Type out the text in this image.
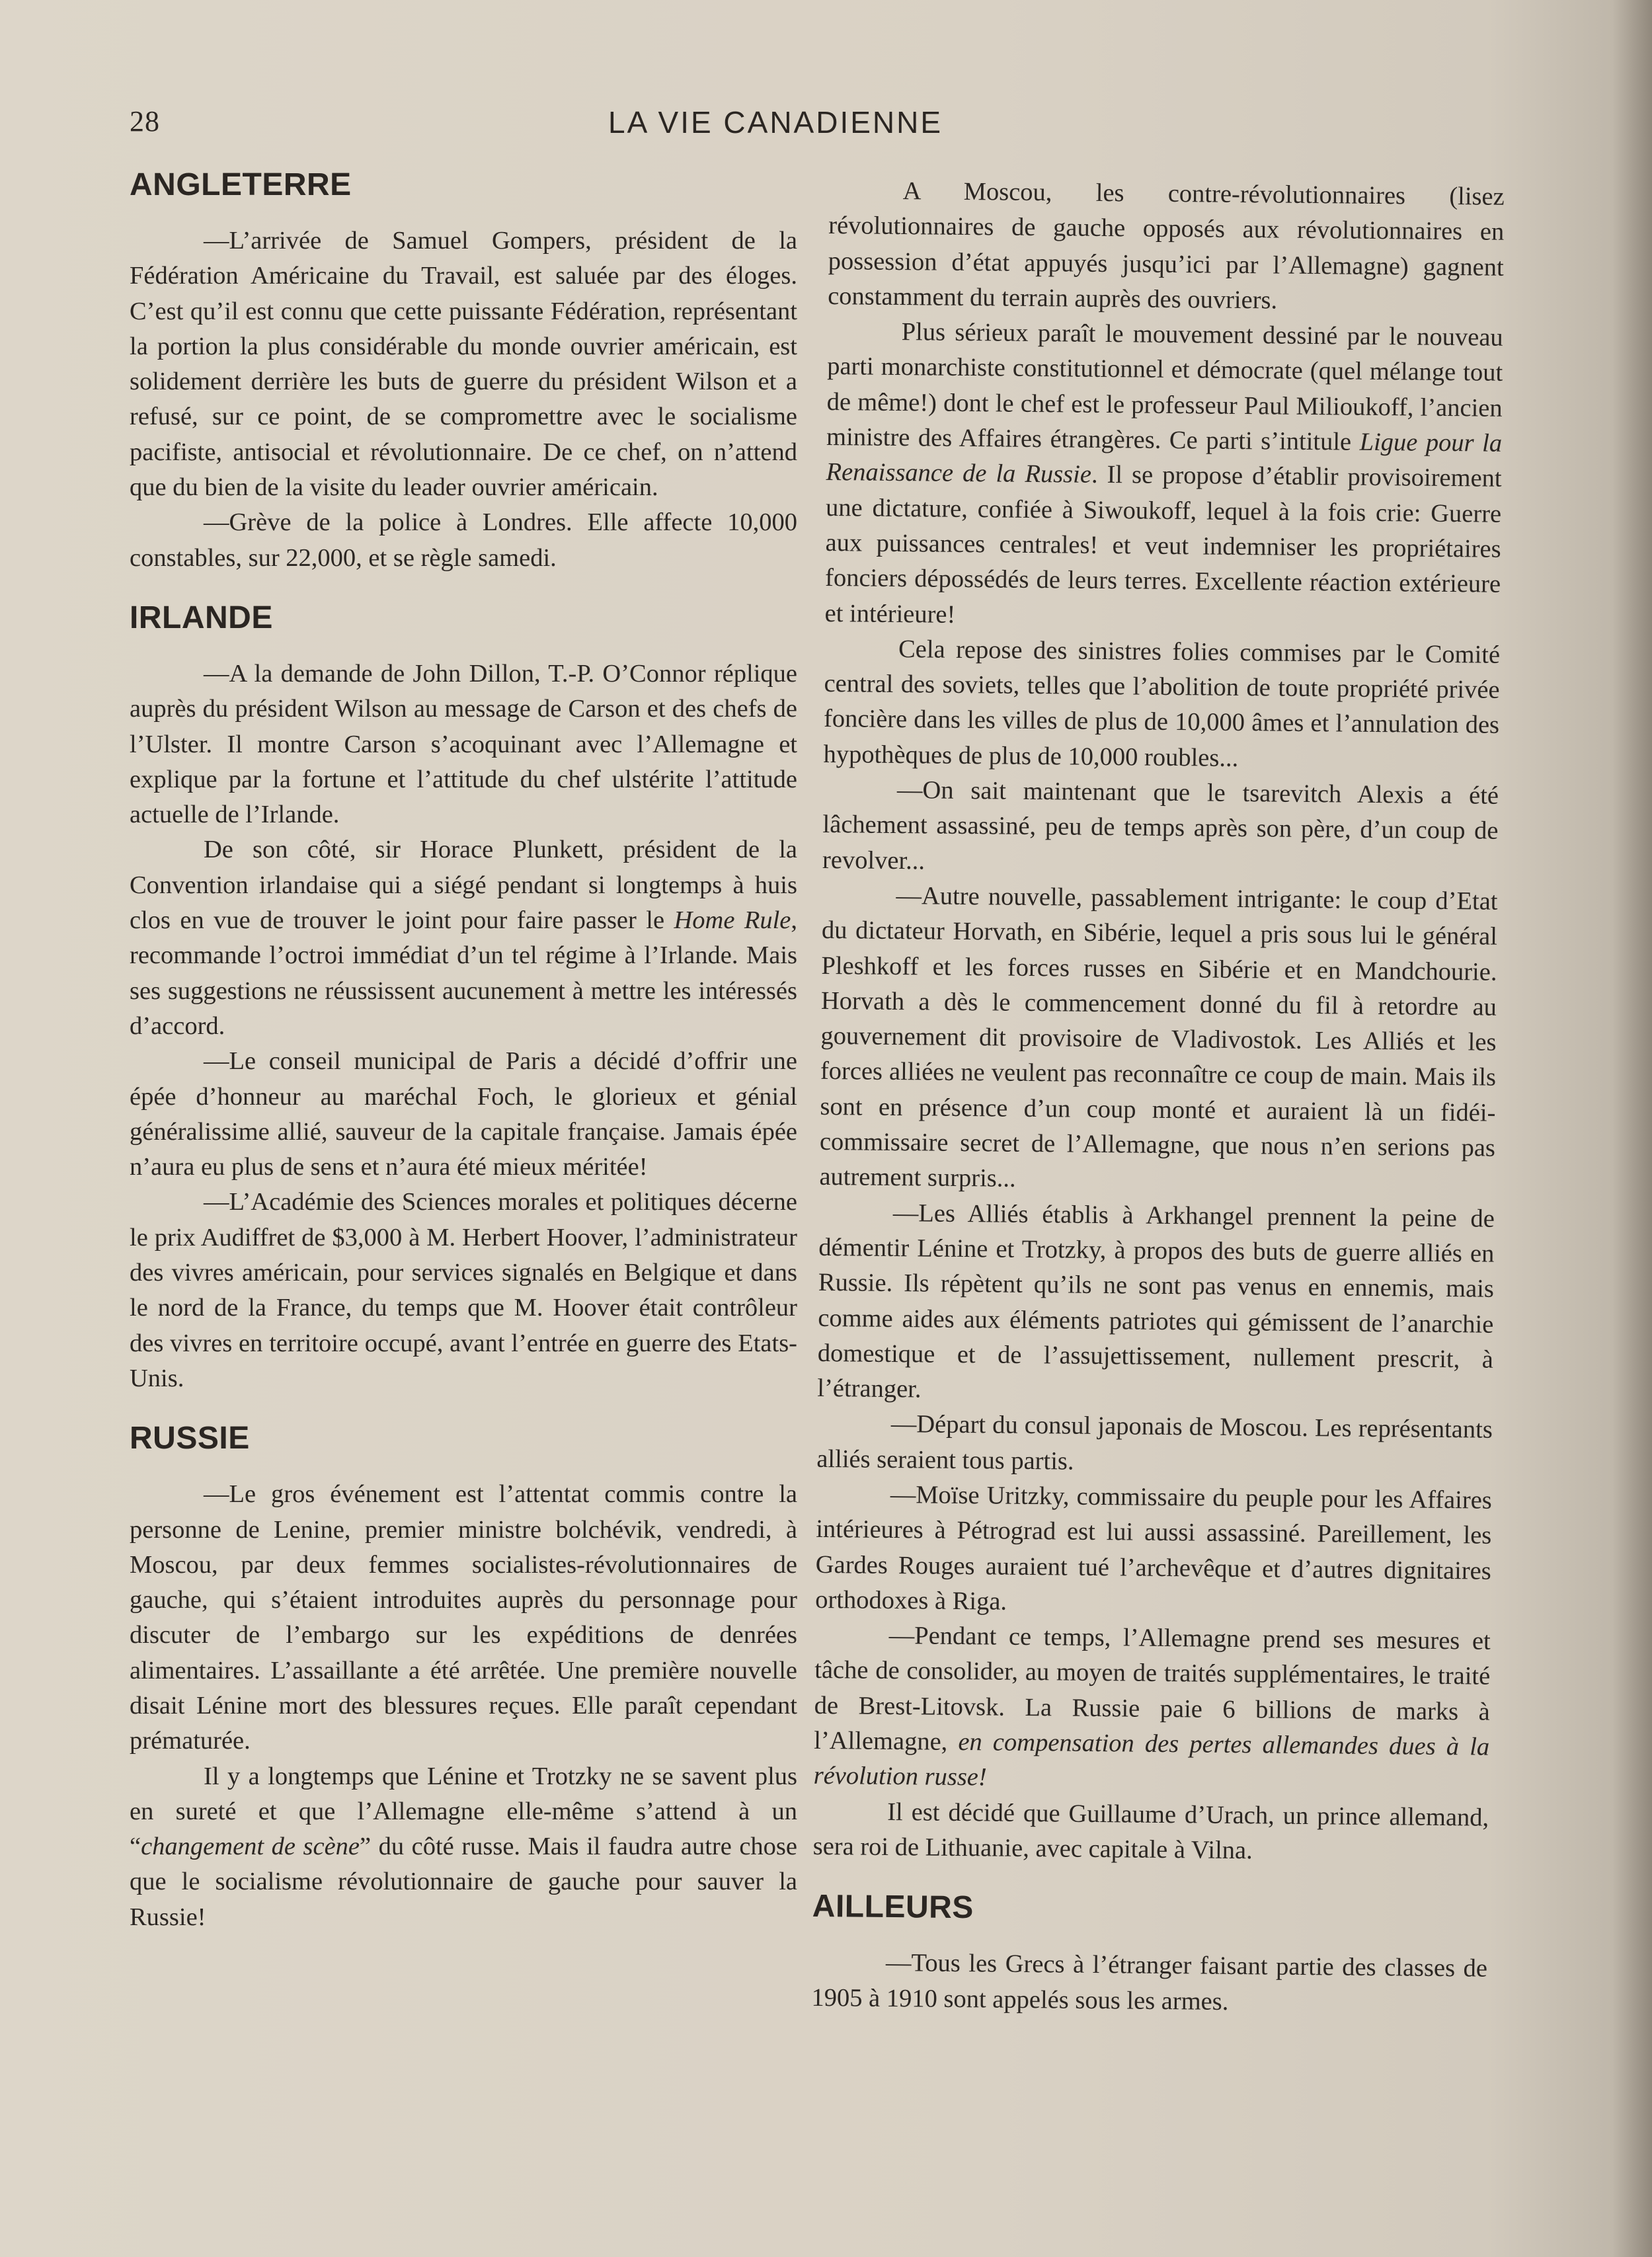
28	LA VIE CANADIENNE
ANGLETERRE

—L’arrivée de Samuel Gompers, président de la Fédération Américaine du Travail, est saluée par des éloges. C’est qu’il est connu que cette puissante Fédération, représentant la portion la plus considérable du monde ouvrier américain, est solidement derrière les buts de guerre du président Wilson et a refusé, sur ce point, de se compromettre avec le socialisme pacifiste, antisocial et révolutionnaire. De ce chef, on n’attend que du bien de la visite du leader ouvrier américain.

—Grève de la police à Londres. Elle affecte 10,000 constables, sur 22,000, et se règle samedi.

IRLANDE

—A la demande de John Dillon, T.-P. O’Connor réplique auprès du président Wilson au message de Carson et des chefs de l’Ulster. Il montre Carson s’acoquinant avec l’Allemagne et explique par la fortune et l’attitude du chef ulstérite l’attitude actuelle de l’Irlande.

De son côté, sir Horace Plunkett, président de la Convention irlandaise qui a siégé pendant si longtemps à huis clos en vue de trouver le joint pour faire passer le Home Rule, recommande l’octroi immédiat d’un tel régime à l’Irlande. Mais ses suggestions ne réussissent aucunement à mettre les intéressés d’accord.

—Le conseil municipal de Paris a décidé d’offrir une épée d’honneur au maréchal Foch, le glorieux et génial généralissime allié, sauveur de la capitale française. Jamais épée n’aura eu plus de sens et n’aura été mieux méritée!

—L’Académie des Sciences morales et politiques décerne le prix Audiffret de $3,000 à M. Herbert Hoover, l’administrateur des vivres américain, pour services signalés en Belgique et dans le nord de la France, du temps que M. Hoover était contrôleur des vivres en territoire occupé, avant l’entrée en guerre des Etats-Unis.

RUSSIE

—Le gros événement est l’attentat commis contre la personne de Lenine, premier ministre bolchévik, vendredi, à Moscou, par deux femmes socialistes-révolutionnaires de gauche, qui s’étaient introduites auprès du personnage pour discuter de l’embargo sur les expéditions de denrées alimentaires. L’assaillante a été arrêtée. Une première nouvelle disait Lénine mort des blessures reçues. Elle paraît cependant prématurée.

Il y a longtemps que Lénine et Trotzky ne se savent plus en sureté et que l’Allemagne elle-même s’attend à un “changement de scène” du côté russe. Mais il faudra autre chose que le socialisme révolutionnaire de gauche pour sauver la Russie!

A Moscou, les contre-révolutionnaires (lisez révolutionnaires de gauche opposés aux révolutionnaires en possession d’état appuyés jusqu’ici par l’Allemagne) gagnent constamment du terrain auprès des ouvriers.

Plus sérieux paraît le mouvement dessiné par le nouveau parti monarchiste constitutionnel et démocrate (quel mélange tout de même!) dont le chef est le professeur Paul Milioukoff, l’ancien ministre des Affaires étrangères. Ce parti s’intitule Ligue pour la Renaissance de la Russie. Il se propose d’établir provisoirement une dictature, confiée à Siwoukoff, lequel à la fois crie: Guerre aux puissances centrales! et veut indemniser les propriétaires fonciers dépossédés de leurs terres. Excellente réaction extérieure et intérieure!

Cela repose des sinistres folies commises par le Comité central des soviets, telles que l’abolition de toute propriété privée foncière dans les villes de plus de 10,000 âmes et l’annulation des hypothèques de plus de 10,000 roubles...

—On sait maintenant que le tsarevitch Alexis a été lâchement assassiné, peu de temps après son père, d’un coup de revolver...

—Autre nouvelle, passablement intrigante: le coup d’Etat du dictateur Horvath, en Sibérie, lequel a pris sous lui le général Pleshkoff et les forces russes en Sibérie et en Mandchourie. Horvath a dès le commencement donné du fil à retordre au gouvernement dit provisoire de Vladivostok. Les Alliés et les forces alliées ne veulent pas reconnaître ce coup de main. Mais ils sont en présence d’un coup monté et auraient là un fidéi-commissaire secret de l’Allemagne, que nous n’en serions pas autrement surpris...

—Les Alliés établis à Arkhangel prennent la peine de démentir Lénine et Trotzky, à propos des buts de guerre alliés en Russie. Ils répètent qu’ils ne sont pas venus en ennemis, mais comme aides aux éléments patriotes qui gémissent de l’anarchie domestique et de l’assujettissement, nullement prescrit, à l’étranger.

—Départ du consul japonais de Moscou. Les représentants alliés seraient tous partis.

—Moïse Uritzky, commissaire du peuple pour les Affaires intérieures à Pétrograd est lui aussi assassiné. Pareillement, les Gardes Rouges auraient tué l’archevêque et d’autres dignitaires orthodoxes à Riga.

—Pendant ce temps, l’Allemagne prend ses mesures et tâche de consolider, au moyen de traités supplémentaires, le traité de Brest-Litovsk. La Russie paie 6 billions de marks à l’Allemagne, en compensation des pertes allemandes dues à la révolution russe!

Il est décidé que Guillaume d’Urach, un prince allemand, sera roi de Lithuanie, avec capitale à Vilna.

AILLEURS

—Tous les Grecs à l’étranger faisant partie des classes de 1905 à 1910 sont appelés sous les armes.
